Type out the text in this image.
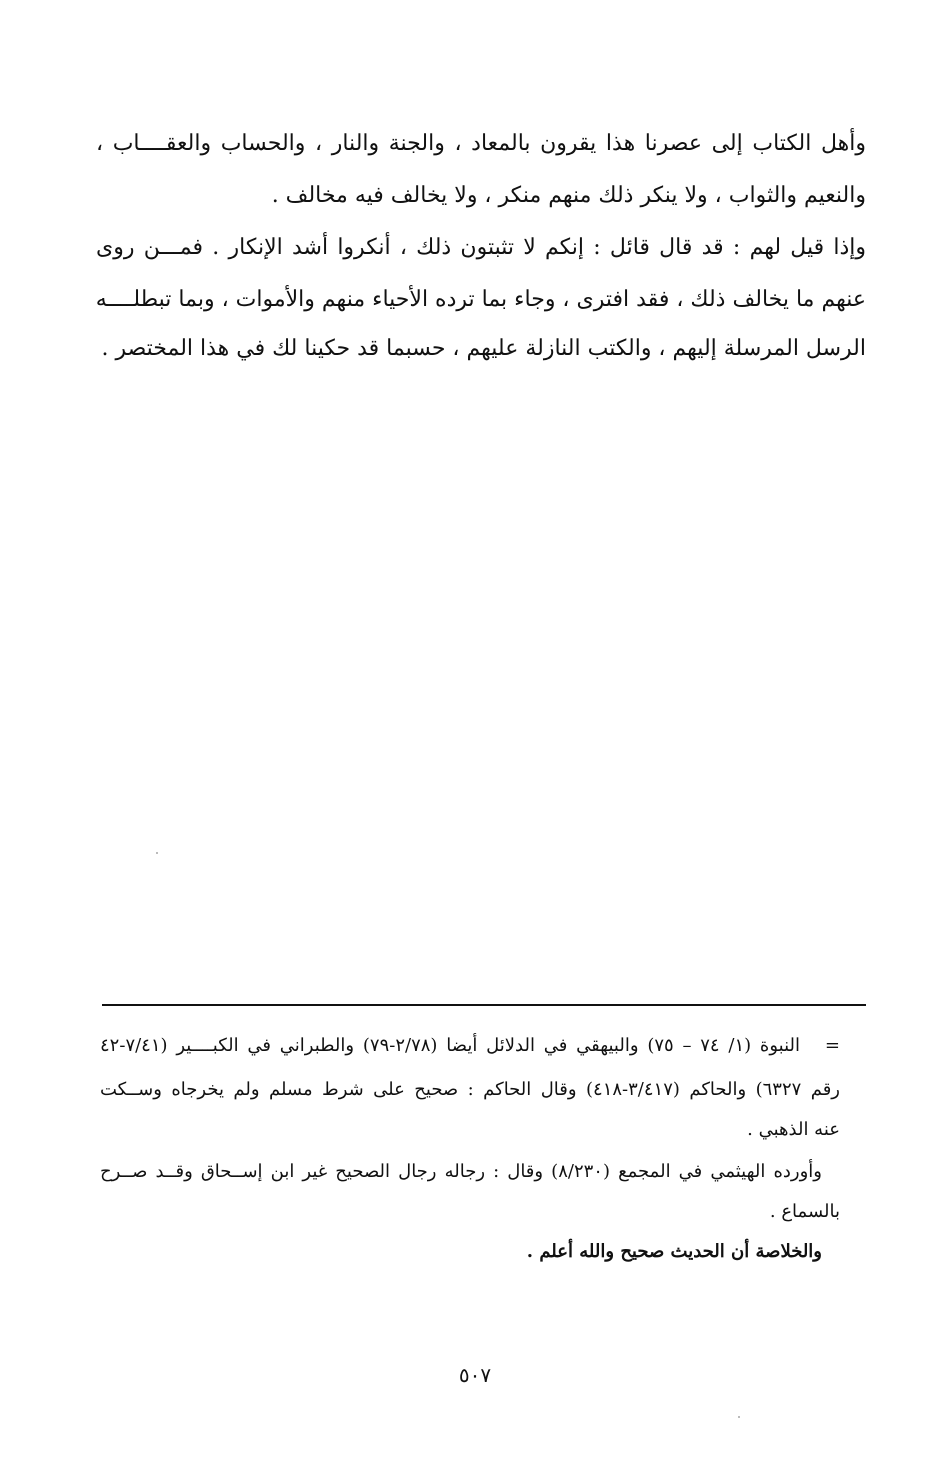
وأهل الكتاب إلى عصرنا هذا يقرون بالمعاد ، والجنة والنار ، والحساب والعقــــاب ،
والنعيم والثواب ، ولا ينكر ذلك منهم منكر ، ولا يخالف فيه مخالف .
وإذا قيل لهم : قد قال قائل : إنكم لا تثبتون ذلك ، أنكروا أشد الإنكار . فمـــن روى
عنهم ما يخالف ذلك ، فقد افترى ، وجاء بما ترده الأحياء منهم والأموات ، وبما تبطلــــه
الرسل المرسلة إليهم ، والكتب النازلة عليهم ، حسبما قد حكينا لك في هذا المختصر .
=
النبوة (١/ ٧٤ – ٧٥) والبيهقي في الدلائل أيضا (٢/٧٨-٧٩) والطبراني في الكبــــير (٧/٤١-٤٢
رقم ٦٣٢٧) والحاكم (٣/٤١٧-٤١٨) وقال الحاكم : صحيح على شرط مسلم ولم يخرجاه وســكت
عنه الذهبي .
وأورده الهيثمي في المجمع (٨/٢٣٠) وقال : رجاله رجال الصحيح غير ابن إســحاق وقــد صــرح
بالسماع .
والخلاصة أن الحديث صحيح والله أعلم .
٥٠٧
